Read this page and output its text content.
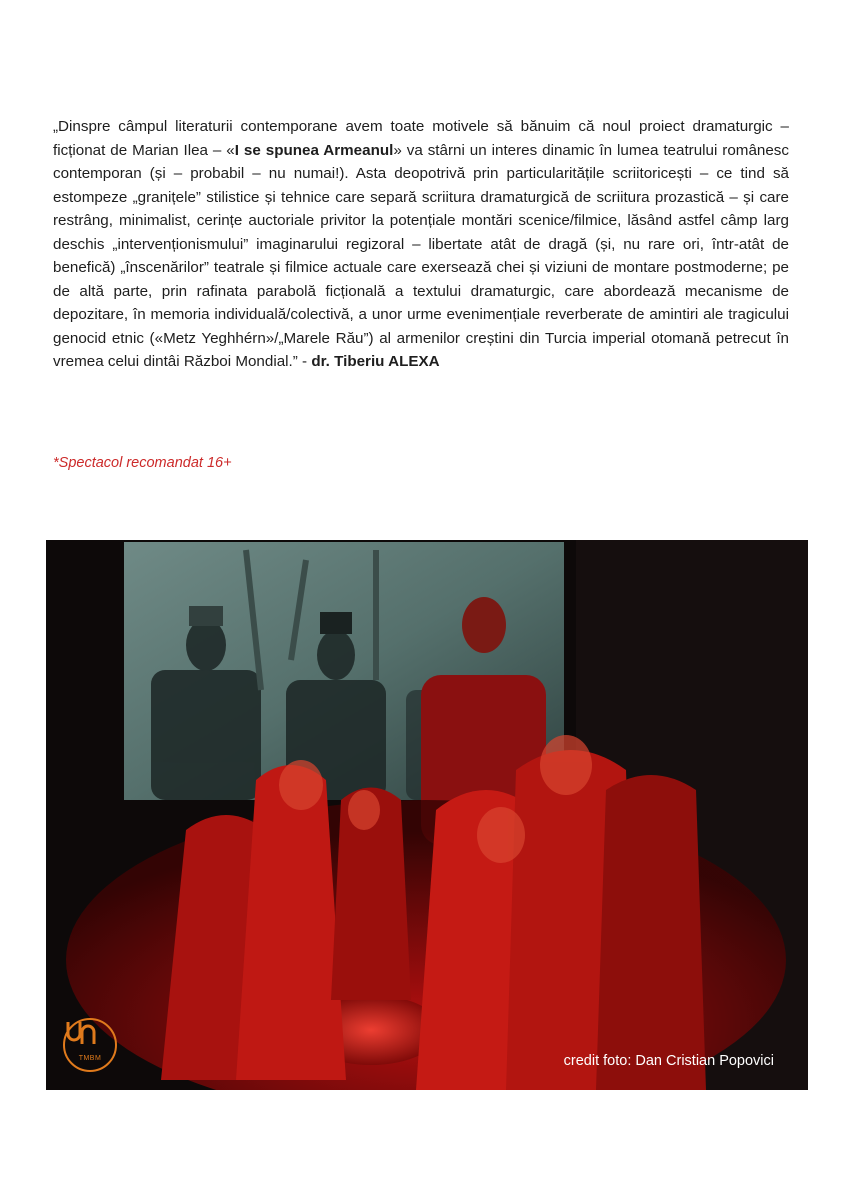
„Dinspre câmpul literaturii contemporane avem toate motivele să bănuim că noul proiect dramaturgic – ficționat de Marian Ilea – «I se spunea Armeanul» va stârni un interes dinamic în lumea teatrului românesc contemporan (și – probabil – nu numai!). Asta deopotrivă prin particularitățile scriitoricești – ce tind să estompeze „granițele” stilistice și tehnice care separă scriitura dramaturgică de scriitura prozastică – și care restrâng, minimalist, cerințe auctoriale privitor la potențiale montări scenice/filmice, lăsând astfel câmp larg deschis „intervenționismului” imaginarului regizoral – libertate atât de dragă (și, nu rare ori, într-atât de benefică) „înscenărilor” teatrale și filmice actuale care exersează chei și viziuni de montare postmoderne; pe de altă parte, prin rafinata parabolă ficțională a textului dramaturgic, care abordează mecanisme de depozitare, în memoria individuală/colectivă, a unor urme evenimențiale reverberate de amintiri ale tragicului genocid etnic («Metz Yeghhérn»/„Marele Rău”) al armenilor creștini din Turcia imperial otomană petrecut în vremea celui dintâi Război Mondial.” - dr. Tiberiu ALEXA

*Spectacol recomandat 16+

TMBM	credit foto: Dan Cristian Popovici
